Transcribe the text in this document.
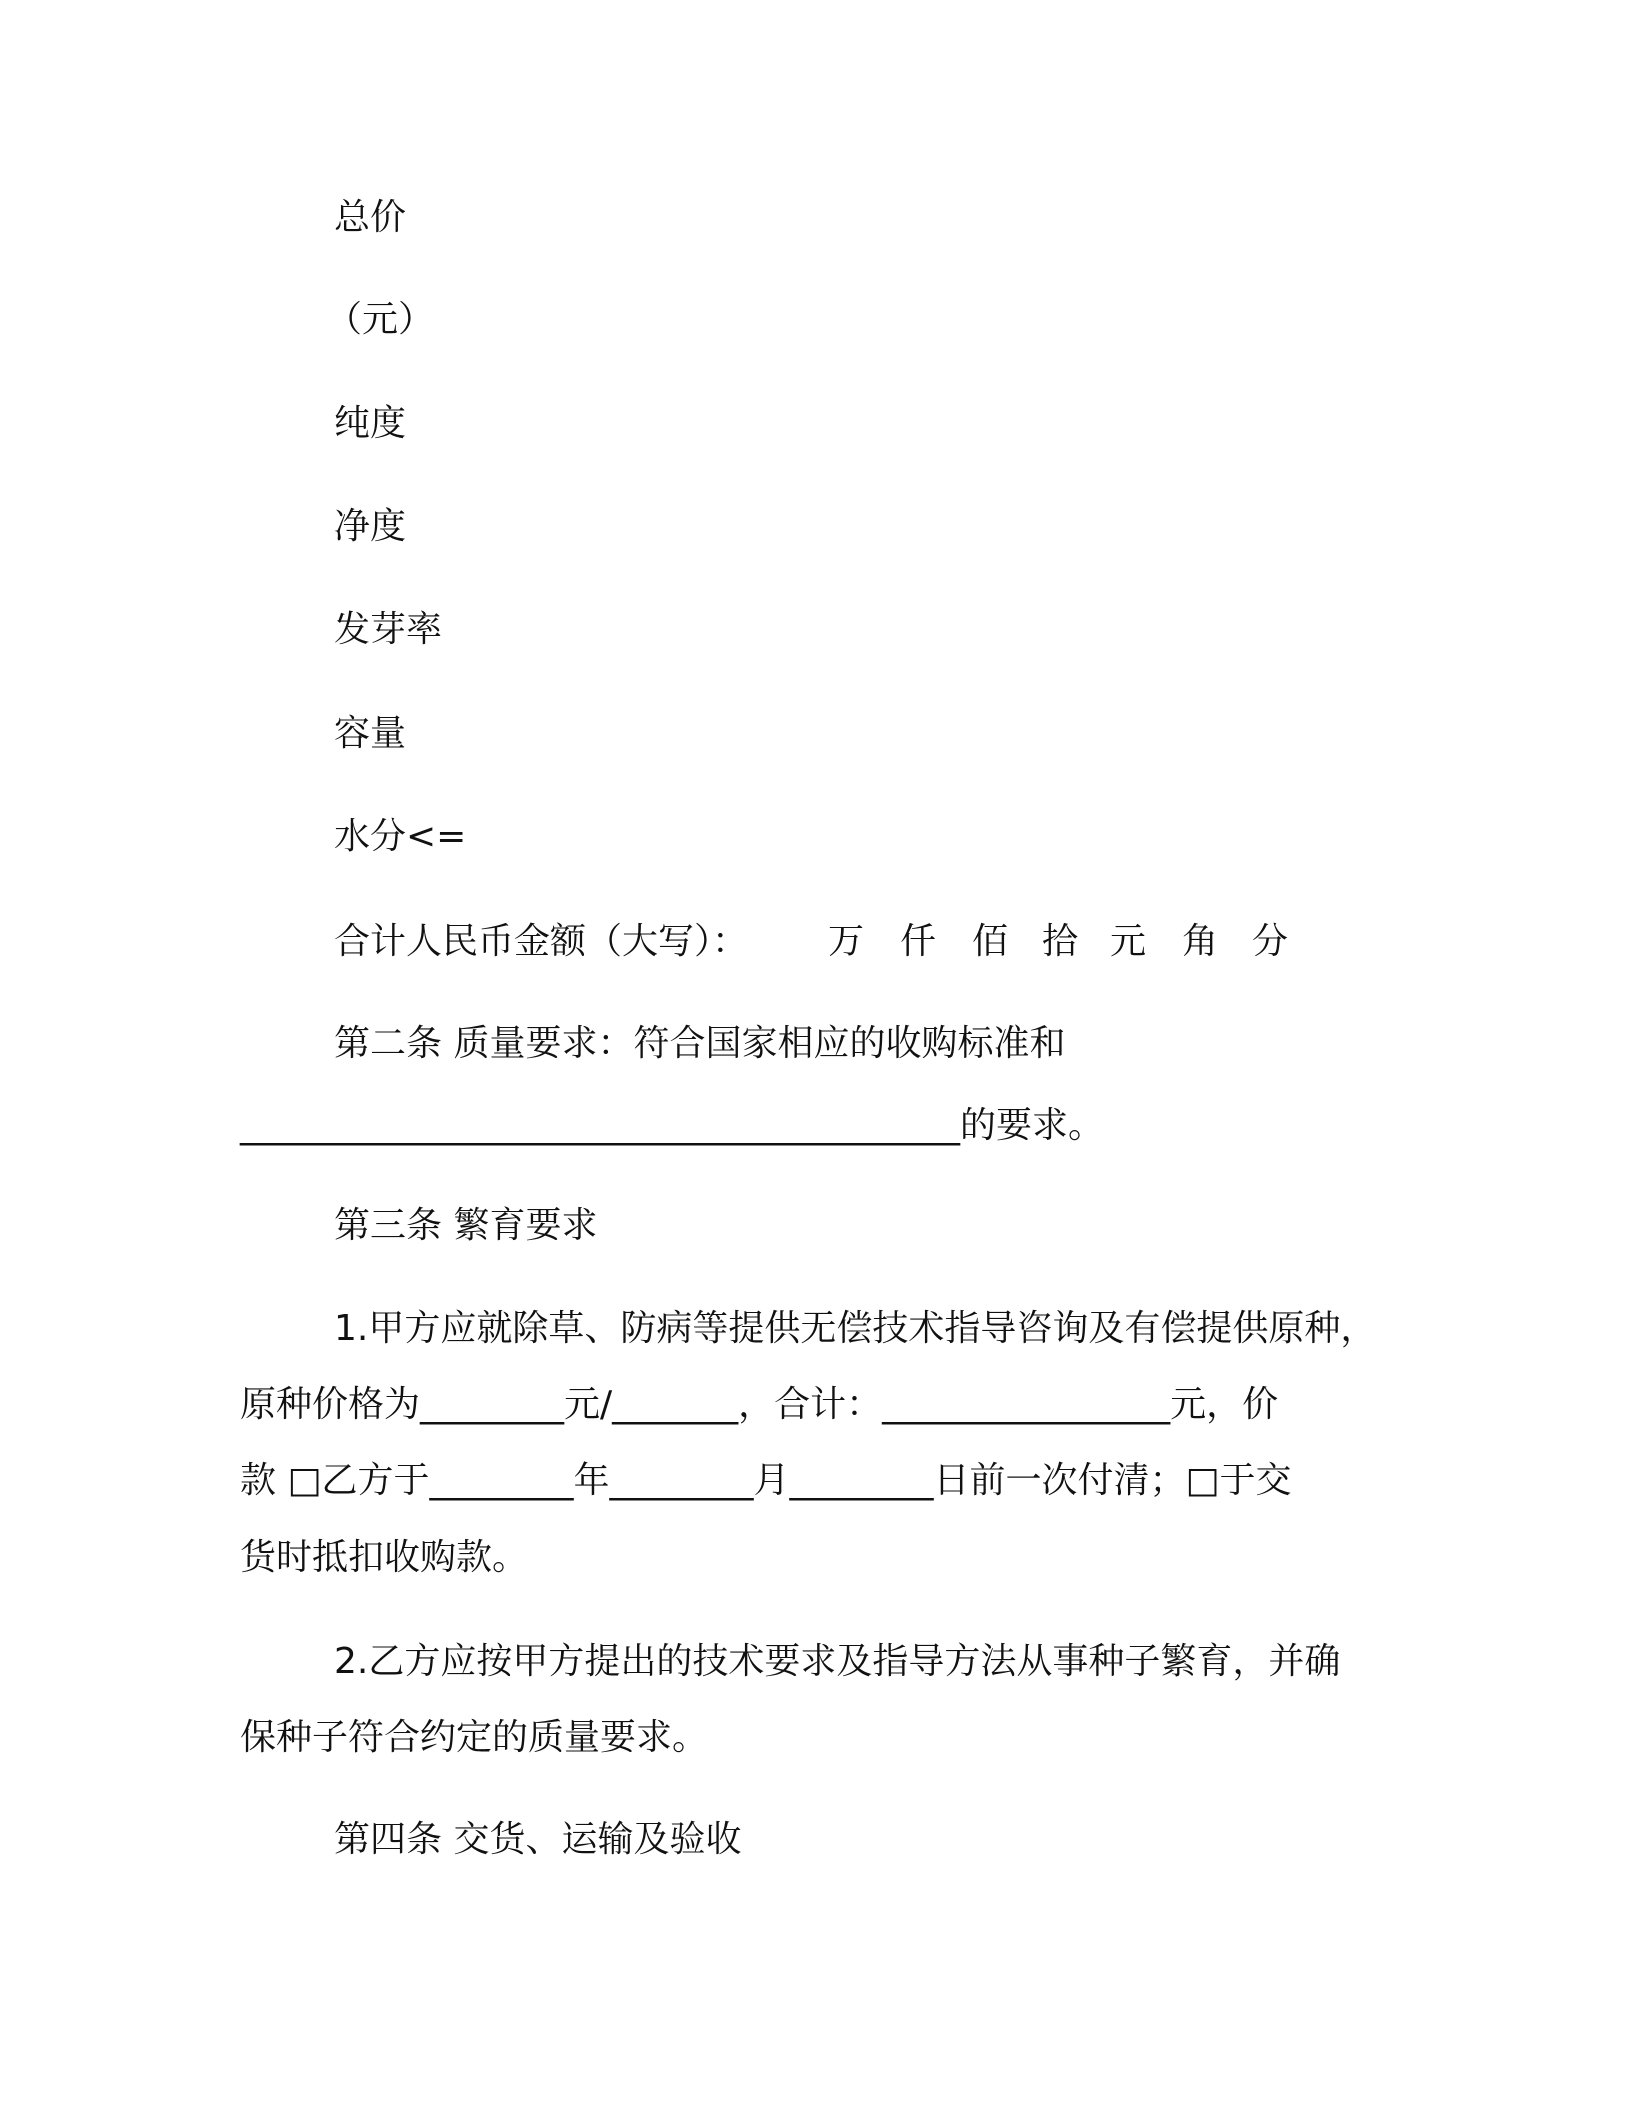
总价
（元）
纯度
净度
发芽率
容量
水分<=
合计人民币金额（大写）： 万 仟 佰 拾 元 角 分
第二条 质量要求：符合国家相应的收购标准和
________________________________________的要求。
第三条 繁育要求
1.甲方应就除草、防病等提供无偿技术指导咨询及有偿提供原种，
原种价格为________元/_______，合计：________________元，价
款 □乙方于________年________月________日前一次付清；□于交
货时抵扣收购款。
2.乙方应按甲方提出的技术要求及指导方法从事种子繁育，并确
保种子符合约定的质量要求。
第四条 交货、运输及验收
